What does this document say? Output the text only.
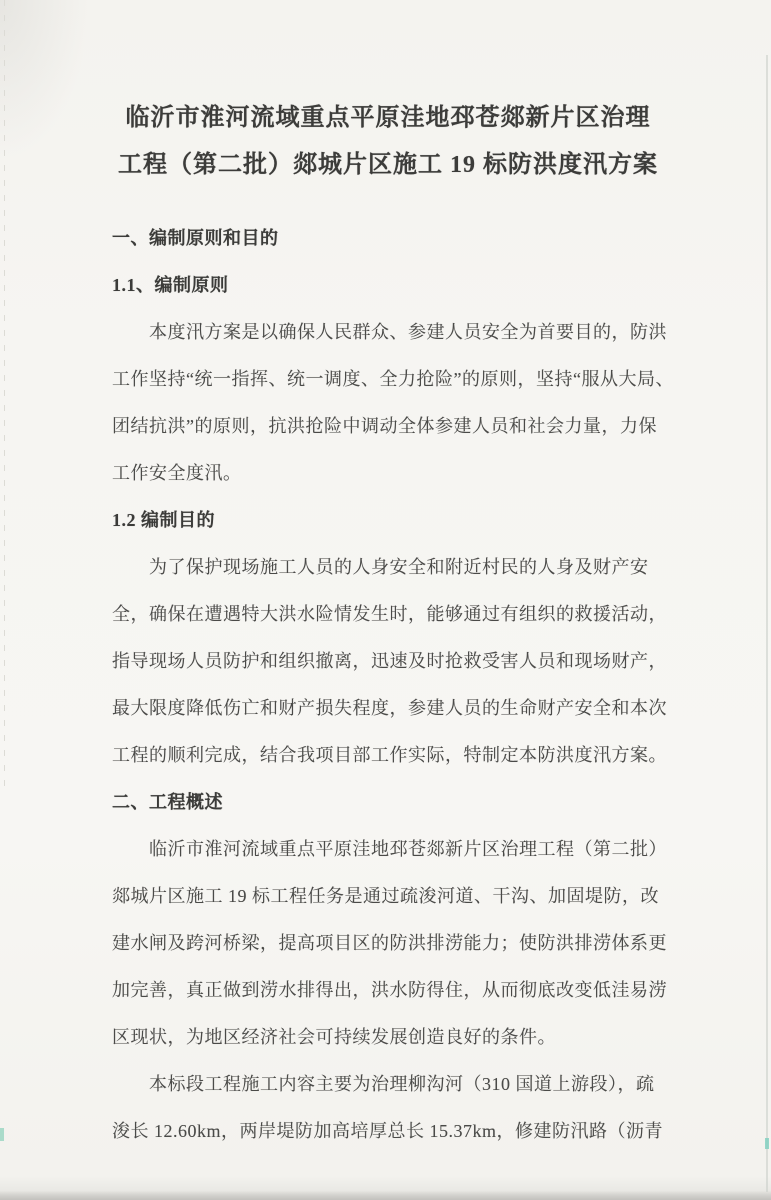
临沂市淮河流域重点平原洼地邳苍郯新片区治理
工程（第二批）郯城片区施工 19 标防洪度汛方案
一、编制原则和目的
1.1、编制原则
本度汛方案是以确保人民群众、参建人员安全为首要目的，防洪
工作坚持“统一指挥、统一调度、全力抢险”的原则，坚持“服从大局、
团结抗洪”的原则，抗洪抢险中调动全体参建人员和社会力量，力保
工作安全度汛。
1.2 编制目的
为了保护现场施工人员的人身安全和附近村民的人身及财产安
全，确保在遭遇特大洪水险情发生时，能够通过有组织的救援活动，
指导现场人员防护和组织撤离，迅速及时抢救受害人员和现场财产，
最大限度降低伤亡和财产损失程度，参建人员的生命财产安全和本次
工程的顺利完成，结合我项目部工作实际，特制定本防洪度汛方案。
二、工程概述
临沂市淮河流域重点平原洼地邳苍郯新片区治理工程（第二批）
郯城片区施工 19 标工程任务是通过疏浚河道、干沟、加固堤防，改
建水闸及跨河桥梁，提高项目区的防洪排涝能力；使防洪排涝体系更
加完善，真正做到涝水排得出，洪水防得住，从而彻底改变低洼易涝
区现状，为地区经济社会可持续发展创造良好的条件。
本标段工程施工内容主要为治理柳沟河（310 国道上游段），疏
浚长 12.60km，两岸堤防加高培厚总长 15.37km，修建防汛路（沥青
